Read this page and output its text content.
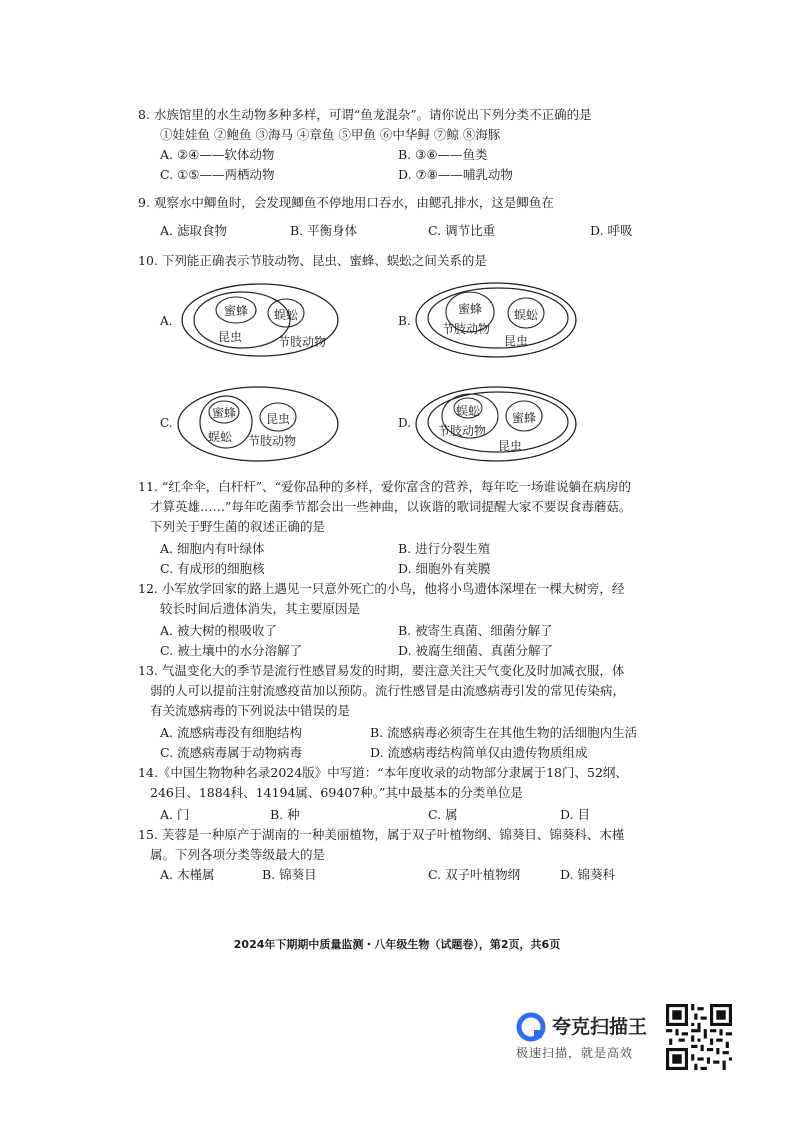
8. 水族馆里的水生动物多种多样，可谓“鱼龙混杂”。请你说出下列分类不正确的是
①娃娃鱼 ②鲍鱼 ③海马 ④章鱼 ⑤甲鱼 ⑥中华鲟 ⑦鲸 ⑧海豚
A. ②④——软体动物	B. ③⑥——鱼类
C. ①⑤——两栖动物	D. ⑦⑧——哺乳动物
9. 观察水中鲫鱼时，会发现鲫鱼不停地用口吞水，由鳃孔排水，这是鲫鱼在
A. 滤取食物	B. 平衡身体	C. 调节比重	D. 呼吸
10. 下列能正确表示节肢动物、昆虫、蜜蜂、蜈蚣之间关系的是
A.
蜜蜂
昆虫
蜈蚣
节肢动物
B.
蜜蜂
节肢动物
蜈蚣
昆虫
C.
蜜蜂
蜈蚣
昆虫
节肢动物
D.
蜈蚣
节肢动物
蜜蜂
昆虫
11. “红伞伞，白杆杆”、“爱你品种的多样，爱你富含的营养，每年吃一场谁说躺在病房的
才算英雄……”每年吃菌季节都会出一些神曲，以诙谐的歌词提醒大家不要误食毒蘑菇。
下列关于野生菌的叙述正确的是
A. 细胞内有叶绿体	B. 进行分裂生殖
C. 有成形的细胞核	D. 细胞外有荚膜
12. 小军放学回家的路上遇见一只意外死亡的小鸟，他将小鸟遗体深埋在一棵大树旁，经
较长时间后遗体消失，其主要原因是
A. 被大树的根吸收了	B. 被寄生真菌、细菌分解了
C. 被土壤中的水分溶解了	D. 被腐生细菌、真菌分解了
13. 气温变化大的季节是流行性感冒易发的时期，要注意关注天气变化及时加减衣服，体
弱的人可以提前注射流感疫苗加以预防。流行性感冒是由流感病毒引发的常见传染病，
有关流感病毒的下列说法中错误的是
A. 流感病毒没有细胞结构	B. 流感病毒必须寄生在其他生物的活细胞内生活
C. 流感病毒属于动物病毒	D. 流感病毒结构简单仅由遗传物质组成
14.《中国生物物种名录2024版》中写道：“本年度收录的动物部分隶属于18门、52纲、
246目、1884科、14194属、69407种。”其中最基本的分类单位是
A. 门	B. 种	C. 属	D. 目
15. 芙蓉是一种原产于湖南的一种美丽植物，属于双子叶植物纲、锦葵目、锦葵科、木槿
属。下列各项分类等级最大的是
A. 木槿属	B. 锦葵目	C. 双子叶植物纲	D. 锦葵科
2024年下期期中质量监测・八年级生物（试题卷），第2页，共6页
夸克扫描王
极速扫描，就是高效
